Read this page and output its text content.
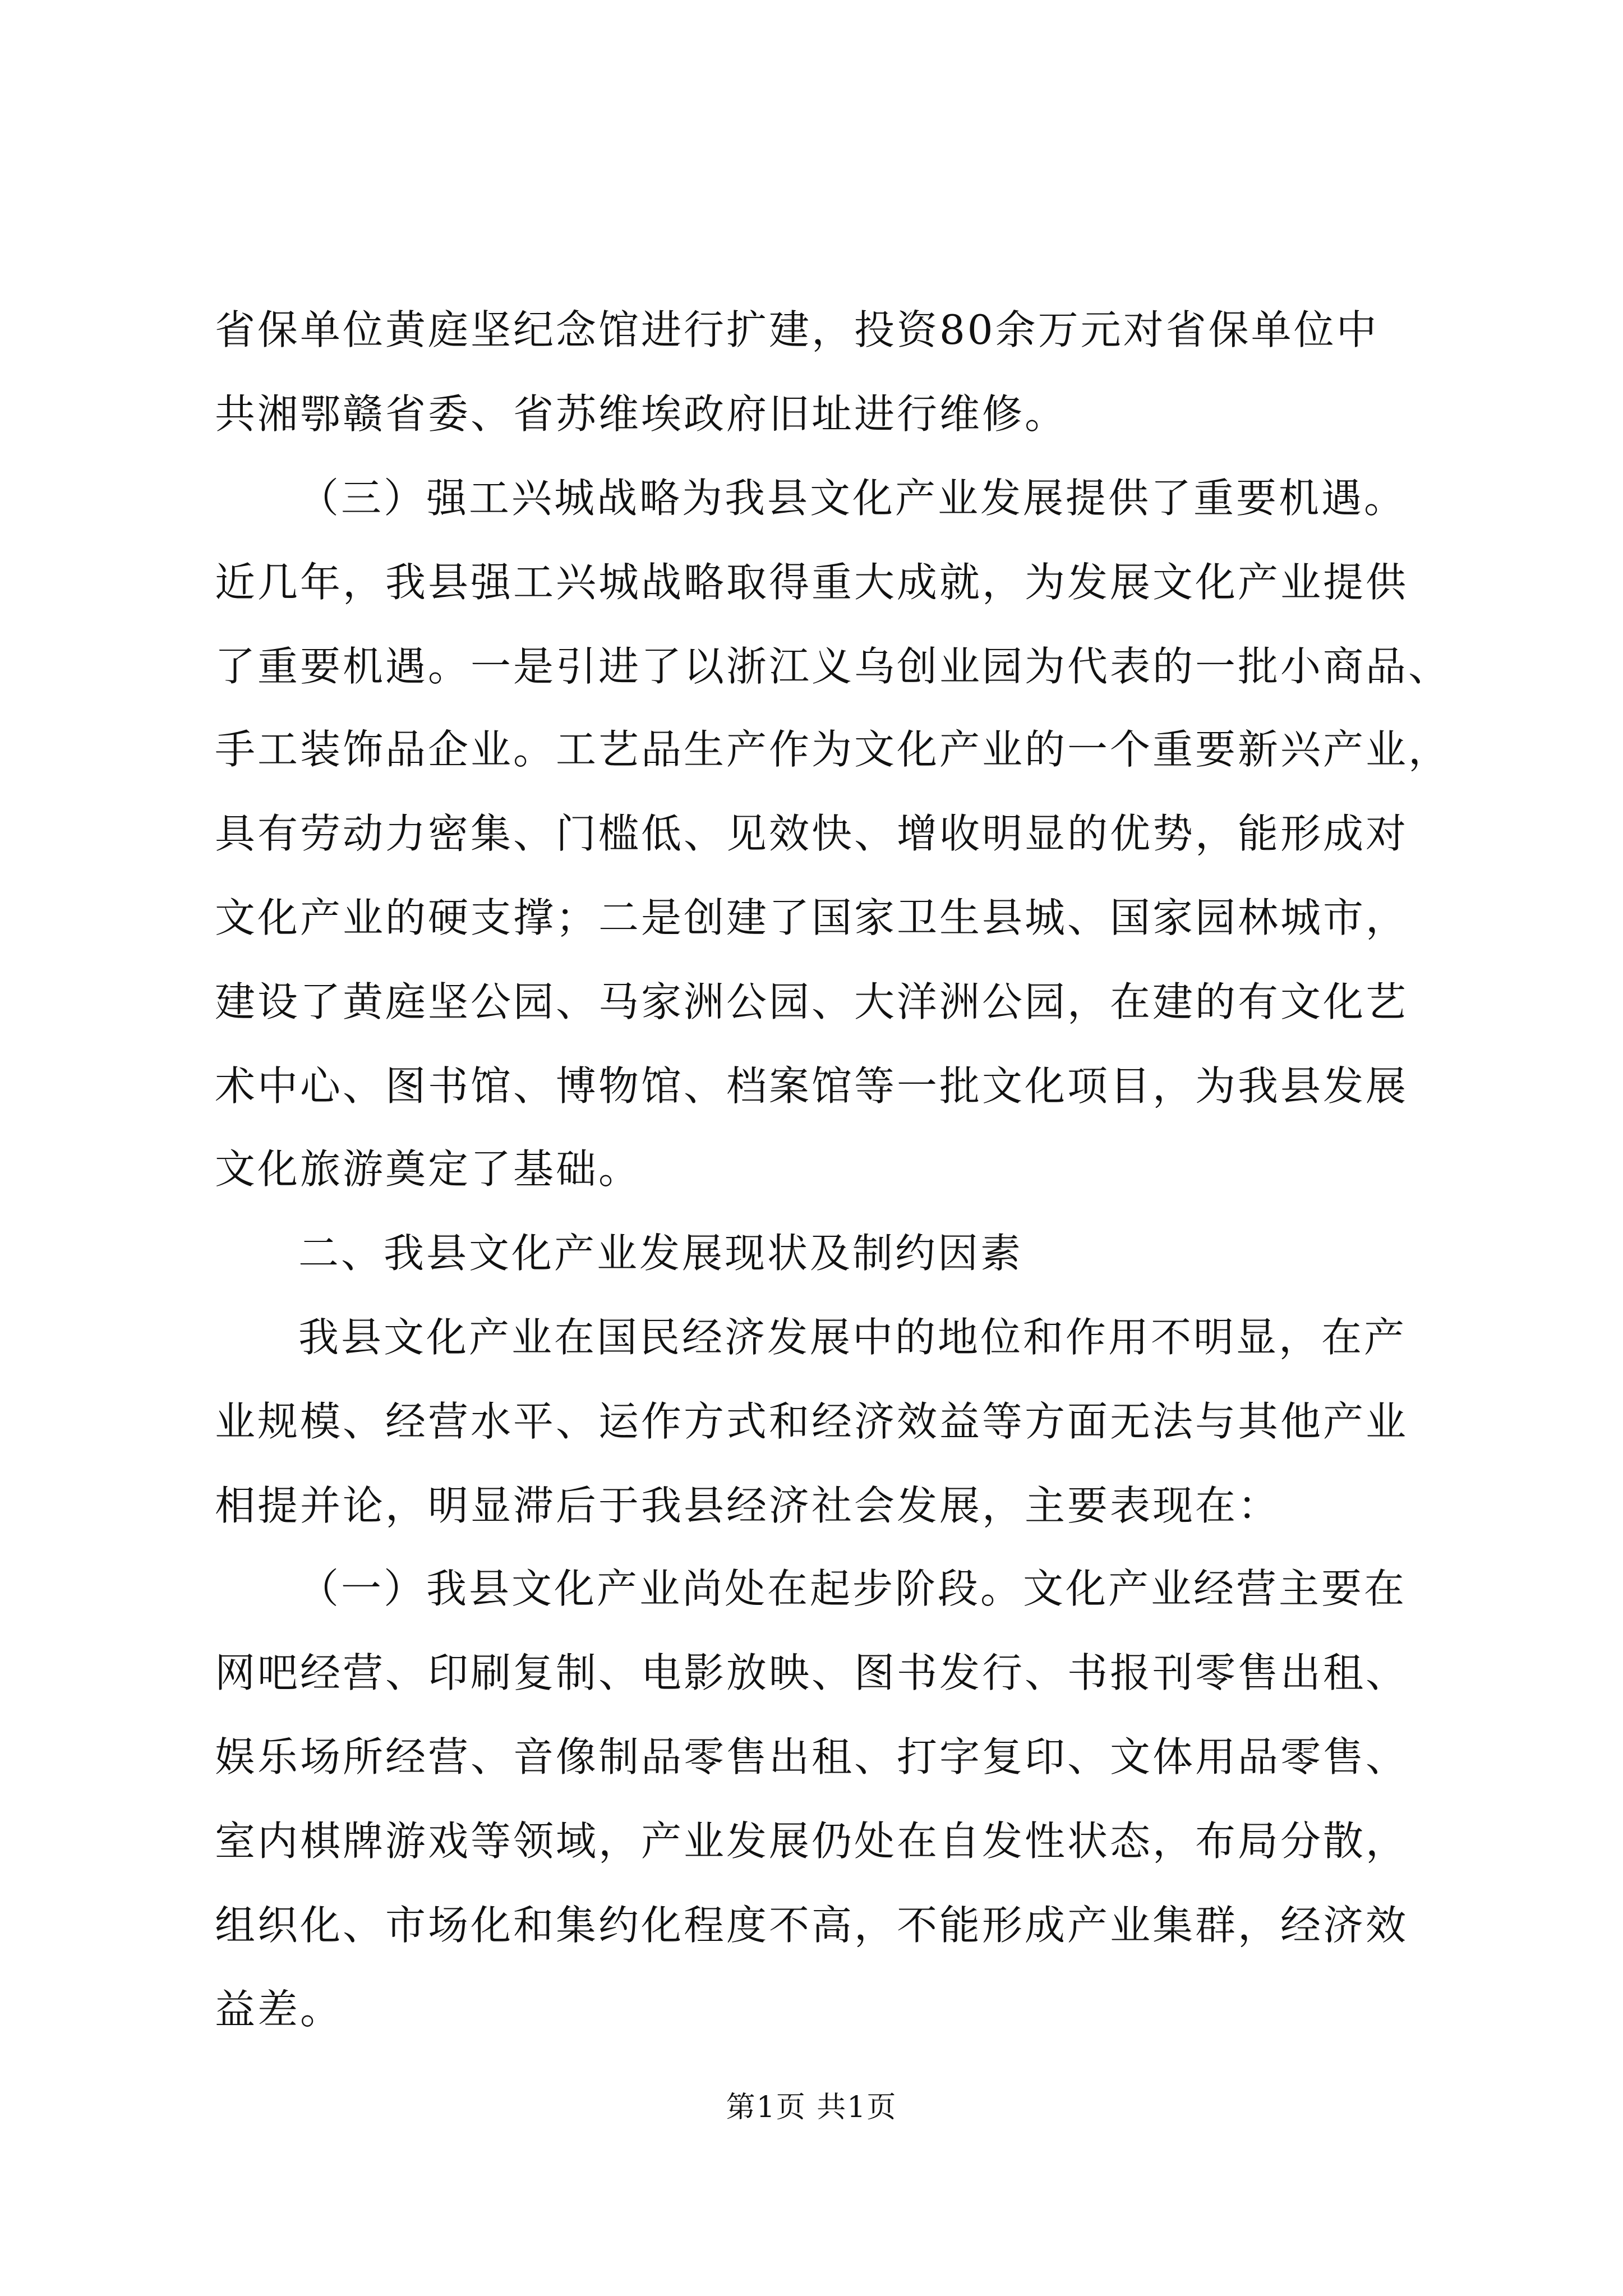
省保单位黄庭坚纪念馆进行扩建，投资80余万元对省保单位中
共湘鄂赣省委、省苏维埃政府旧址进行维修。
（三）强工兴城战略为我县文化产业发展提供了重要机遇。
近几年，我县强工兴城战略取得重大成就，为发展文化产业提供
了重要机遇。一是引进了以浙江义乌创业园为代表的一批小商品、
手工装饰品企业。工艺品生产作为文化产业的一个重要新兴产业，
具有劳动力密集、门槛低、见效快、增收明显的优势，能形成对
文化产业的硬支撑；二是创建了国家卫生县城、国家园林城市，
建设了黄庭坚公园、马家洲公园、大洋洲公园，在建的有文化艺
术中心、图书馆、博物馆、档案馆等一批文化项目，为我县发展
文化旅游奠定了基础。
二、我县文化产业发展现状及制约因素
我县文化产业在国民经济发展中的地位和作用不明显，在产
业规模、经营水平、运作方式和经济效益等方面无法与其他产业
相提并论，明显滞后于我县经济社会发展，主要表现在：
（一）我县文化产业尚处在起步阶段。文化产业经营主要在
网吧经营、印刷复制、电影放映、图书发行、书报刊零售出租、
娱乐场所经营、音像制品零售出租、打字复印、文体用品零售、
室内棋牌游戏等领域，产业发展仍处在自发性状态，布局分散，
组织化、市场化和集约化程度不高，不能形成产业集群，经济效
益差。
第1页 共1页
